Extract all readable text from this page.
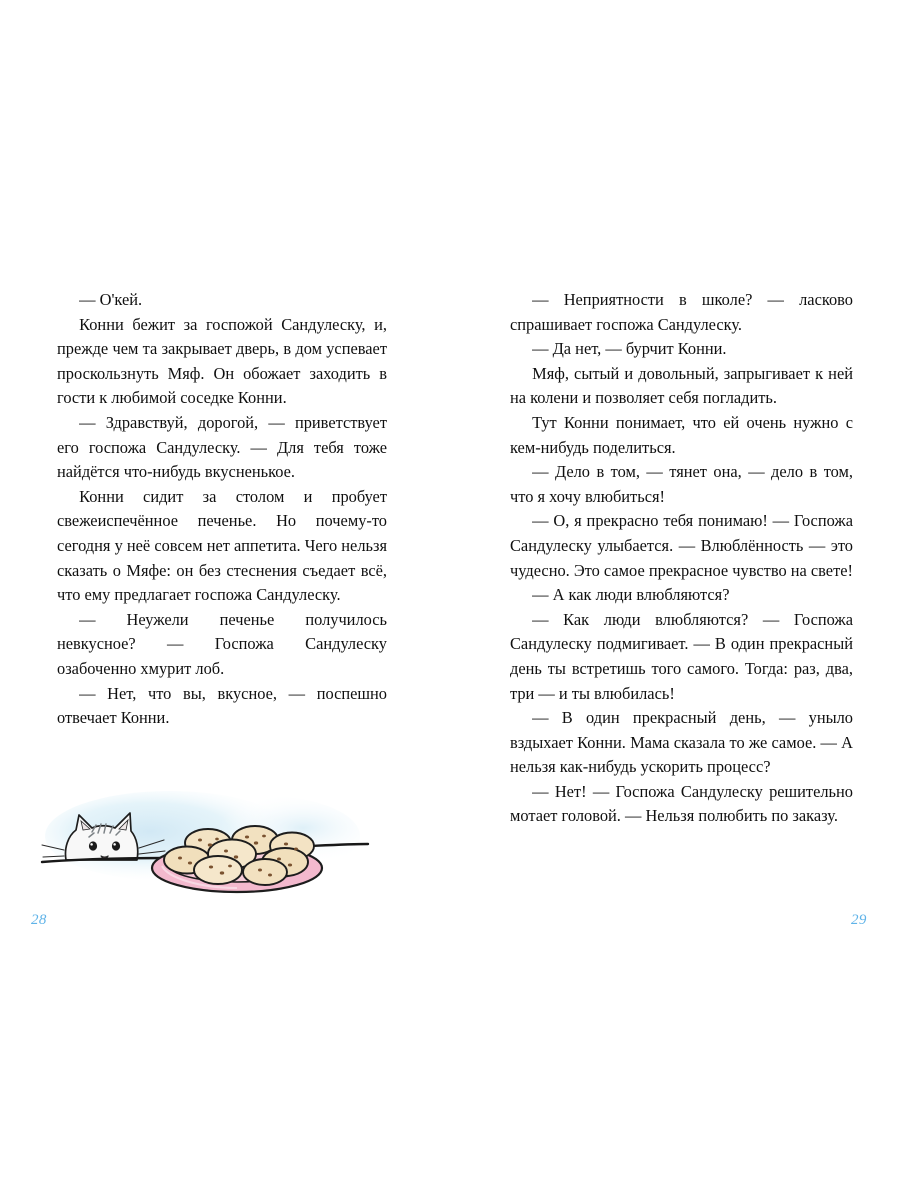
— О'кей.

Конни бежит за госпожой Сандулеску, и, прежде чем та закрывает дверь, в дом успевает проскользнуть Мяф. Он обожает заходить в гости к любимой соседке Конни.

— Здравствуй, дорогой, — приветствует его госпожа Сандулеску. — Для тебя тоже найдётся что-нибудь вкусненькое.

Конни сидит за столом и пробует свежеиспечённое печенье. Но почему-то сегодня у неё совсем нет аппетита. Чего нельзя сказать о Мяфе: он без стеснения съедает всё, что ему предлагает госпожа Сандулеску.

— Неужели печенье получилось невкусное? — Госпожа Сандулеску озабоченно хмурит лоб.

— Нет, что вы, вкусное, — поспешно отвечает Конни.

28

— Неприятности в школе? — ласково спрашивает госпожа Сандулеску.

— Да нет, — бурчит Конни.

Мяф, сытый и довольный, запрыгивает к ней на колени и позволяет себя погладить.

Тут Конни понимает, что ей очень нужно с кем-нибудь поделиться.

— Дело в том, — тянет она, — дело в том, что я хочу влюбиться!

— О, я прекрасно тебя понимаю! — Госпожа Сандулеску улыбается. — Влюблённость — это чудесно. Это самое прекрасное чувство на свете!

— А как люди влюбляются?

— Как люди влюбляются? — Госпожа Сандулеску подмигивает. — В один прекрасный день ты встретишь того самого. Тогда: раз, два, три — и ты влюбилась!

— В один прекрасный день, — уныло вздыхает Конни. Мама сказала то же самое. — А нельзя как-нибудь ускорить процесс?

— Нет! — Госпожа Сандулеску решительно мотает головой. — Нельзя полюбить по заказу.

29
